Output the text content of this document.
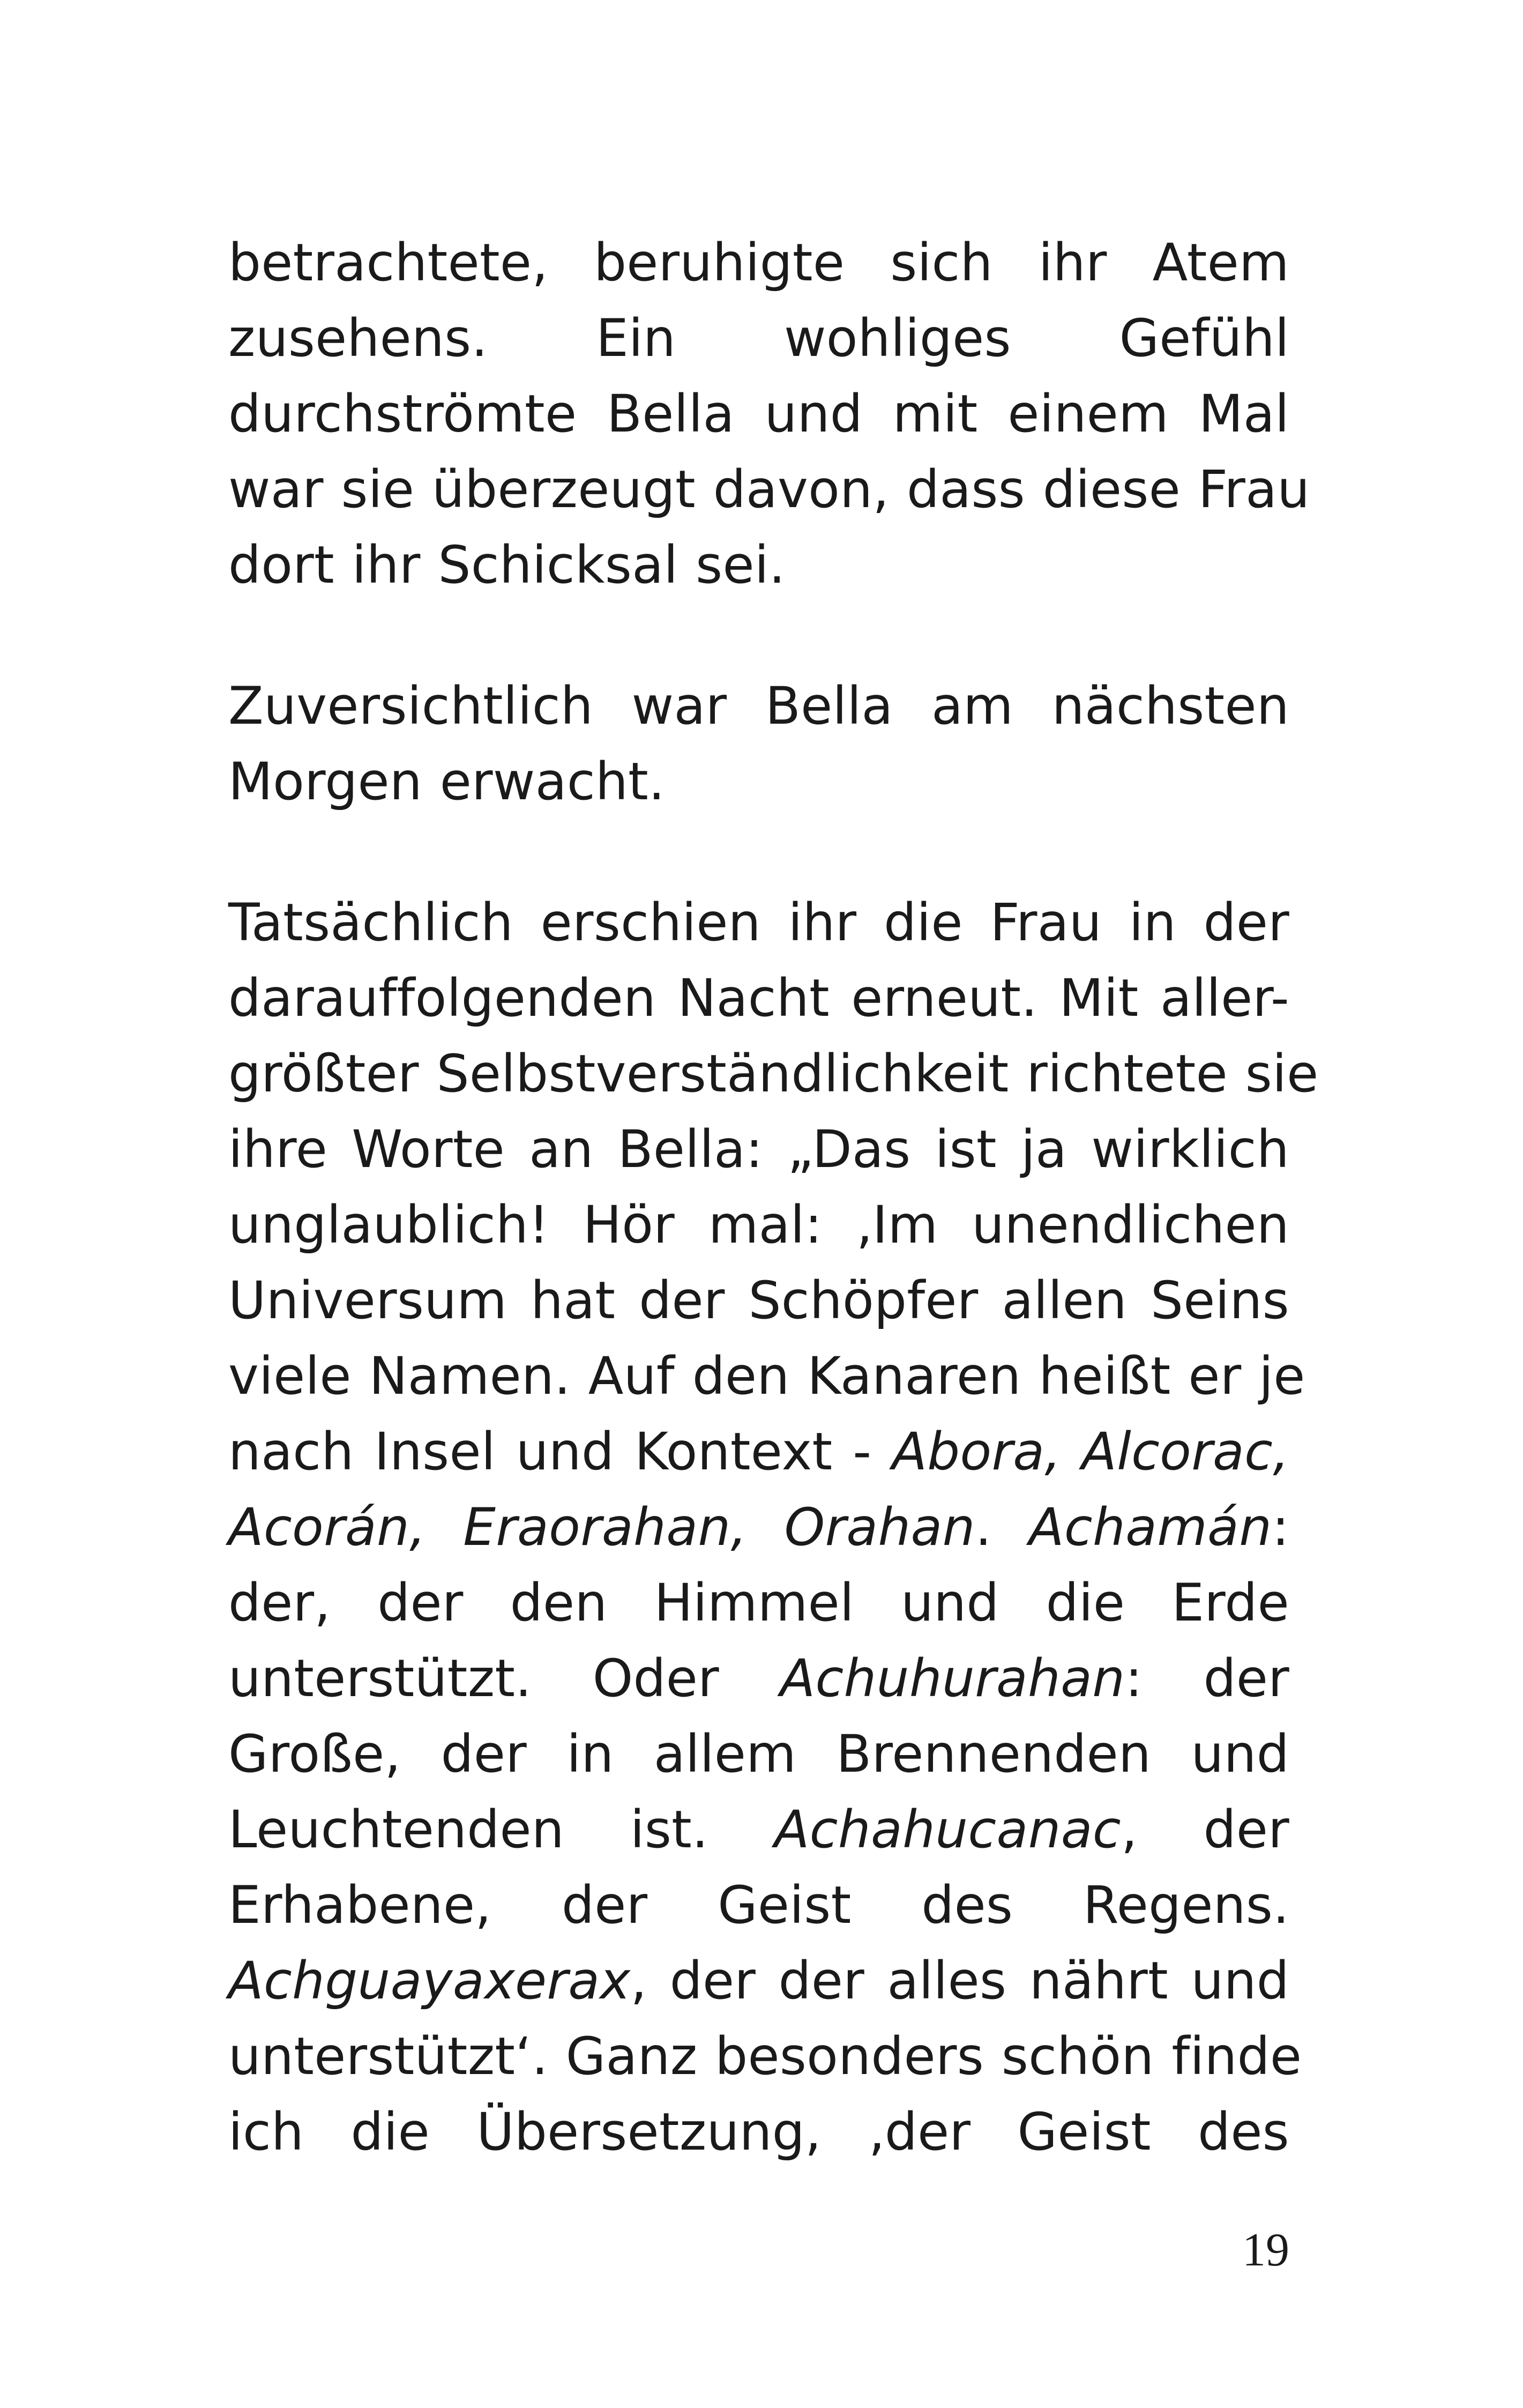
betrachtete, beruhigte sich ihr Atem
zusehens. Ein wohliges Gefühl
durchströmte Bella und mit einem Mal
war sie überzeugt davon, dass diese Frau
dort ihr Schicksal sei.

Zuversichtlich war Bella am nächsten
Morgen erwacht.

Tatsächlich erschien ihr die Frau in der
darauffolgenden Nacht erneut. Mit aller-
größter Selbstverständlichkeit richtete sie
ihre Worte an Bella: „Das ist ja wirklich
unglaublich! Hör mal: ‚Im unendlichen
Universum hat der Schöpfer allen Seins
viele Namen. Auf den Kanaren heißt er je
nach Insel und Kontext - Abora, Alcorac,
Acorán, Eraorahan, Orahan. Achamán:
der, der den Himmel und die Erde
unterstützt. Oder Achuhurahan: der
Große, der in allem Brennenden und
Leuchtenden ist. Achahucanac, der
Erhabene, der Geist des Regens.
Achguayaxerax, der der alles nährt und
unterstützt‘. Ganz besonders schön finde
ich die Übersetzung, ‚der Geist des

19
